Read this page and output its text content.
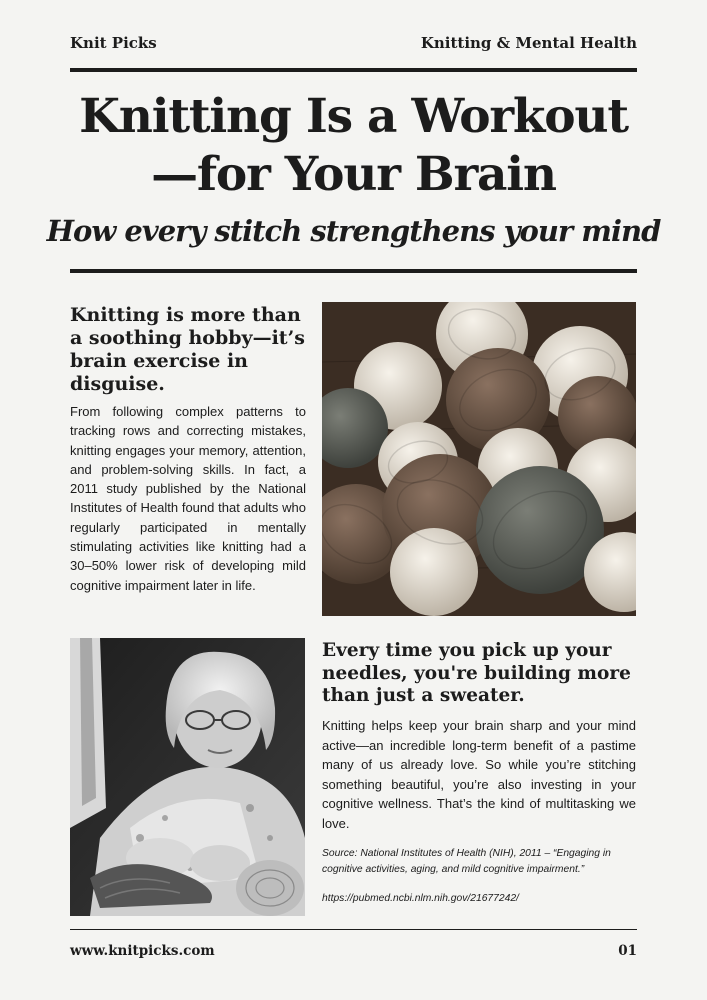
Knit Picks	Knitting & Mental Health
Knitting Is a Workout
—for Your Brain
How every stitch strengthens your mind
Knitting is more than a soothing hobby—it’s brain exercise in disguise.

From following complex patterns to tracking rows and correcting mistakes, knitting engages your memory, attention, and problem-solving skills. In fact, a 2011 study published by the National Institutes of Health found that adults who regularly participated in mentally stimulating activities like knitting had a 30–50% lower risk of developing mild cognitive impairment later in life.

Every time you pick up your needles, you're building more than just a sweater.

Knitting helps keep your brain sharp and your mind active—an incredible long-term benefit of a pastime many of us already love. So while you’re stitching something beautiful, you’re also investing in your cognitive wellness. That’s the kind of multitasking we love.

Source: National Institutes of Health (NIH), 2011 – “Engaging in cognitive activities, aging, and mild cognitive impairment.”

https://pubmed.ncbi.nlm.nih.gov/21677242/

www.knitpicks.com	01
